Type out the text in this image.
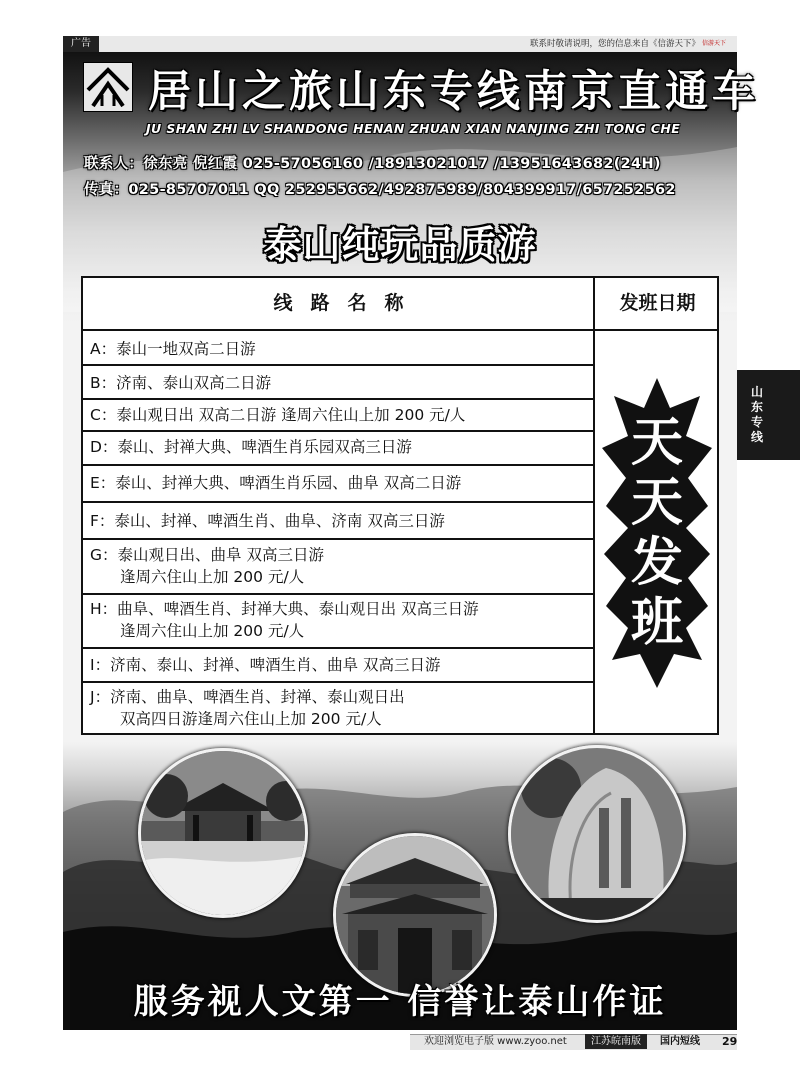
广告	联系时敬请说明，您的信息来自《信游天下》 信游天下
居山之旅山东专线南京直通车
JU SHAN ZHI LV SHANDONG HENAN ZHUAN XIAN NANJING ZHI TONG CHE
联系人：徐东亮 倪红霞 025-57056160 /18913021017 /13951643682(24H)
传真：025-85707011 QQ 252955662/492875989/804399917/657252562
泰山纯玩品质游
线路名称	发班日期
A：泰山一地双高二日游
B：济南、泰山双高二日游
C：泰山观日出 双高二日游 逢周六住山上加 200 元/人
D：泰山、封禅大典、啤酒生肖乐园双高三日游
E：泰山、封禅大典、啤酒生肖乐园、曲阜 双高二日游
F：泰山、封禅、啤酒生肖、曲阜、济南 双高三日游
G：泰山观日出、曲阜 双高三日游
逢周六住山上加 200 元/人
H：曲阜、啤酒生肖、封禅大典、泰山观日出 双高三日游
逢周六住山上加 200 元/人
I：济南、泰山、封禅、啤酒生肖、曲阜 双高三日游
J：济南、曲阜、啤酒生肖、封禅、泰山观日出
双高四日游逢周六住山上加 200 元/人
天
天
发
班
山东专线
服务视人文第一 信誉让泰山作证
欢迎浏览电子版 www.zyoo.net	江苏皖南版	国内短线 29
